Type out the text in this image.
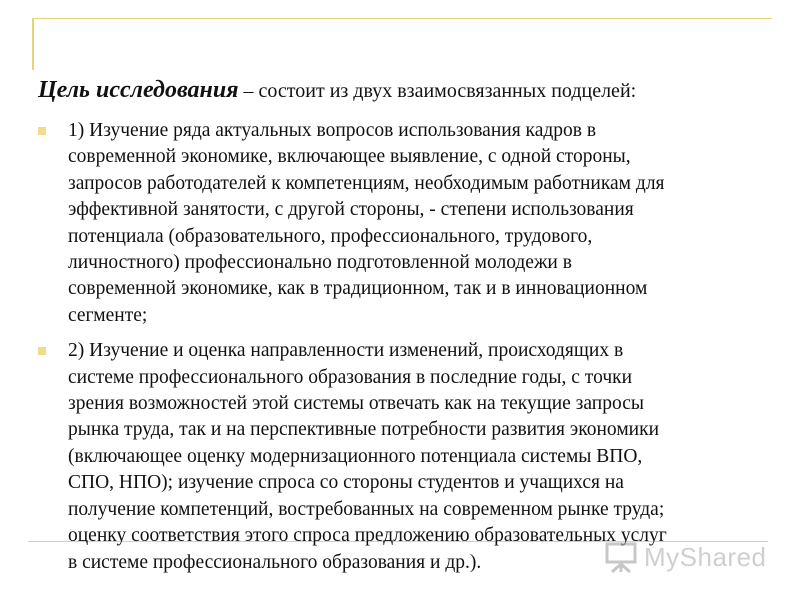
Цель исследования – состоит из двух взаимосвязанных подцелей:
1) Изучение ряда актуальных вопросов использования кадров в
современной экономике, включающее выявление, с одной стороны,
запросов работодателей к компетенциям, необходимым работникам для
эффективной занятости, с другой стороны, - степени использования
потенциала (образовательного, профессионального, трудового,
личностного) профессионально подготовленной молодежи в
современной экономике, как в традиционном, так и в инновационном
сегменте;
2) Изучение и оценка направленности изменений, происходящих в
системе профессионального образования в последние годы, с точки
зрения возможностей этой системы отвечать как на текущие запросы
рынка труда, так и на перспективные потребности развития экономики
(включающее оценку модернизационного потенциала системы ВПО,
СПО, НПО); изучение спроса со стороны студентов и учащихся на
получение компетенций, востребованных на современном рынке труда;
оценку соответствия этого спроса предложению образовательных услуг
в системе профессионального образования и др.).	MyShared
